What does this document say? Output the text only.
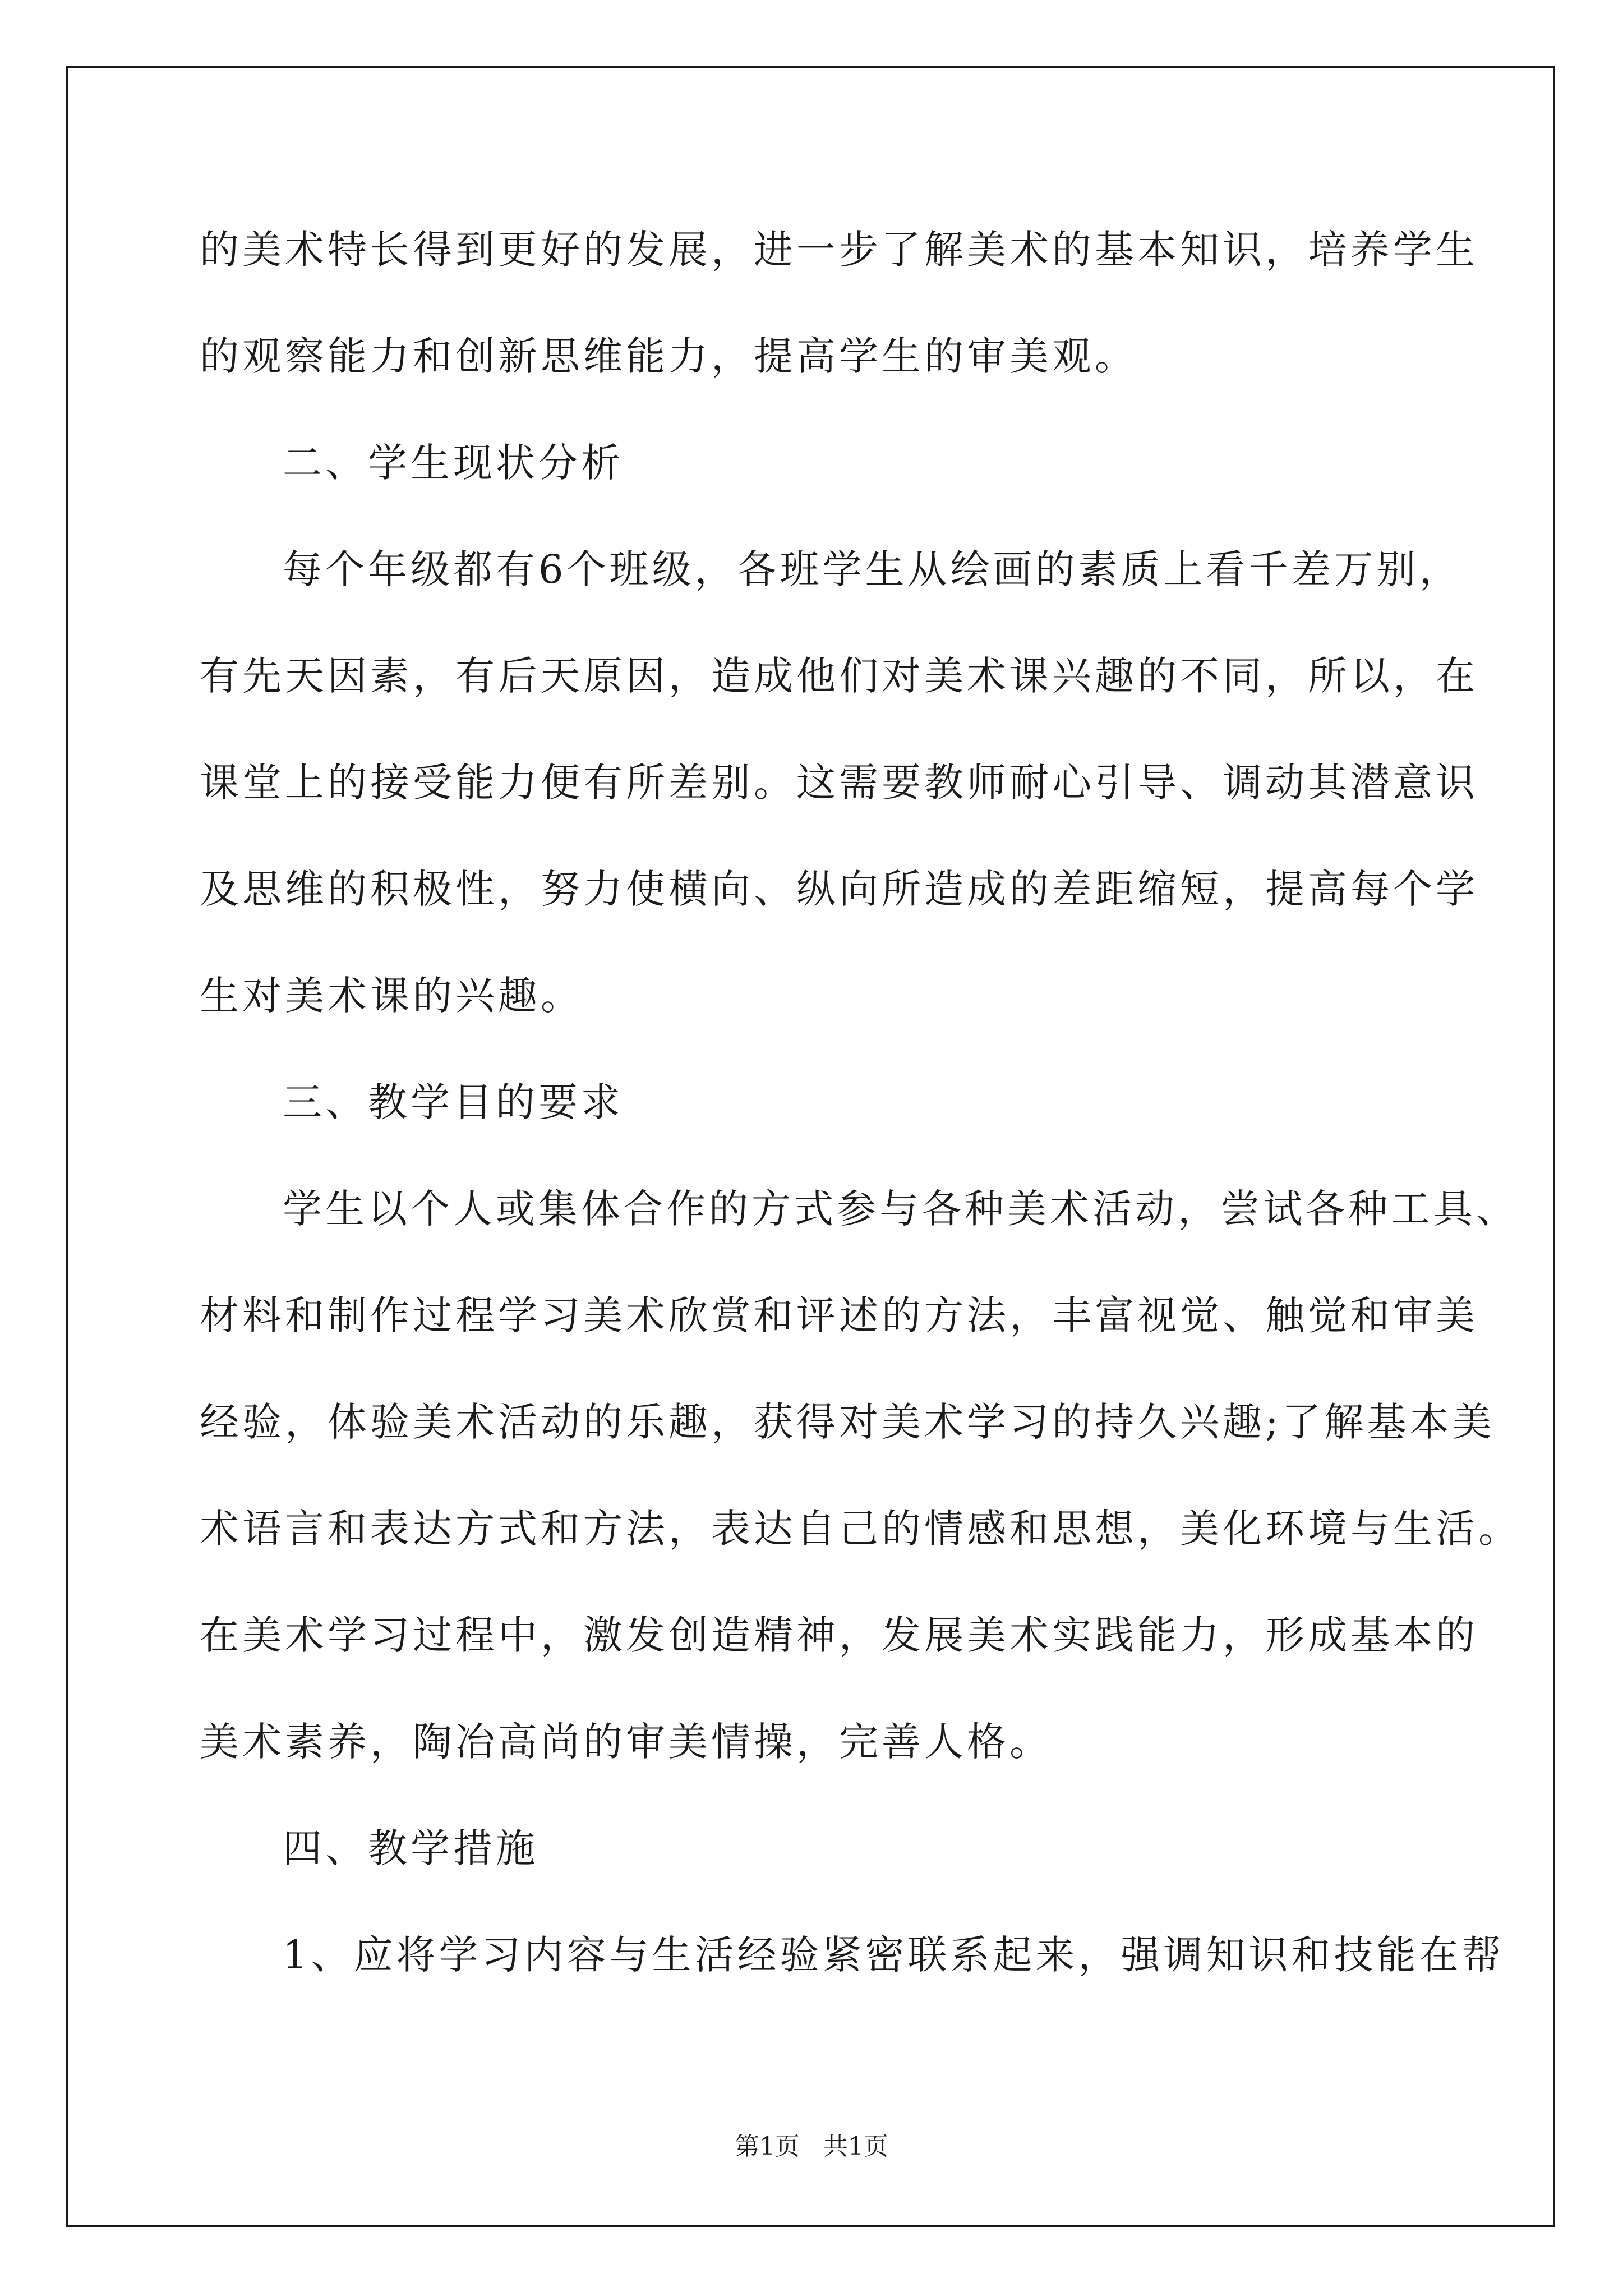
的美术特长得到更好的发展，进一步了解美术的基本知识，培养学生
的观察能力和创新思维能力，提高学生的审美观。
二、学生现状分析
每个年级都有6个班级，各班学生从绘画的素质上看千差万别，
有先天因素，有后天原因，造成他们对美术课兴趣的不同，所以，在
课堂上的接受能力便有所差别。这需要教师耐心引导、调动其潜意识
及思维的积极性，努力使横向、纵向所造成的差距缩短，提高每个学
生对美术课的兴趣。
三、教学目的要求
学生以个人或集体合作的方式参与各种美术活动，尝试各种工具、
材料和制作过程学习美术欣赏和评述的方法，丰富视觉、触觉和审美
经验，体验美术活动的乐趣，获得对美术学习的持久兴趣;了解基本美
术语言和表达方式和方法，表达自己的情感和思想，美化环境与生活。
在美术学习过程中，激发创造精神，发展美术实践能力，形成基本的
美术素养，陶冶高尚的审美情操，完善人格。
四、教学措施
1、应将学习内容与生活经验紧密联系起来，强调知识和技能在帮
第1页   共1页
